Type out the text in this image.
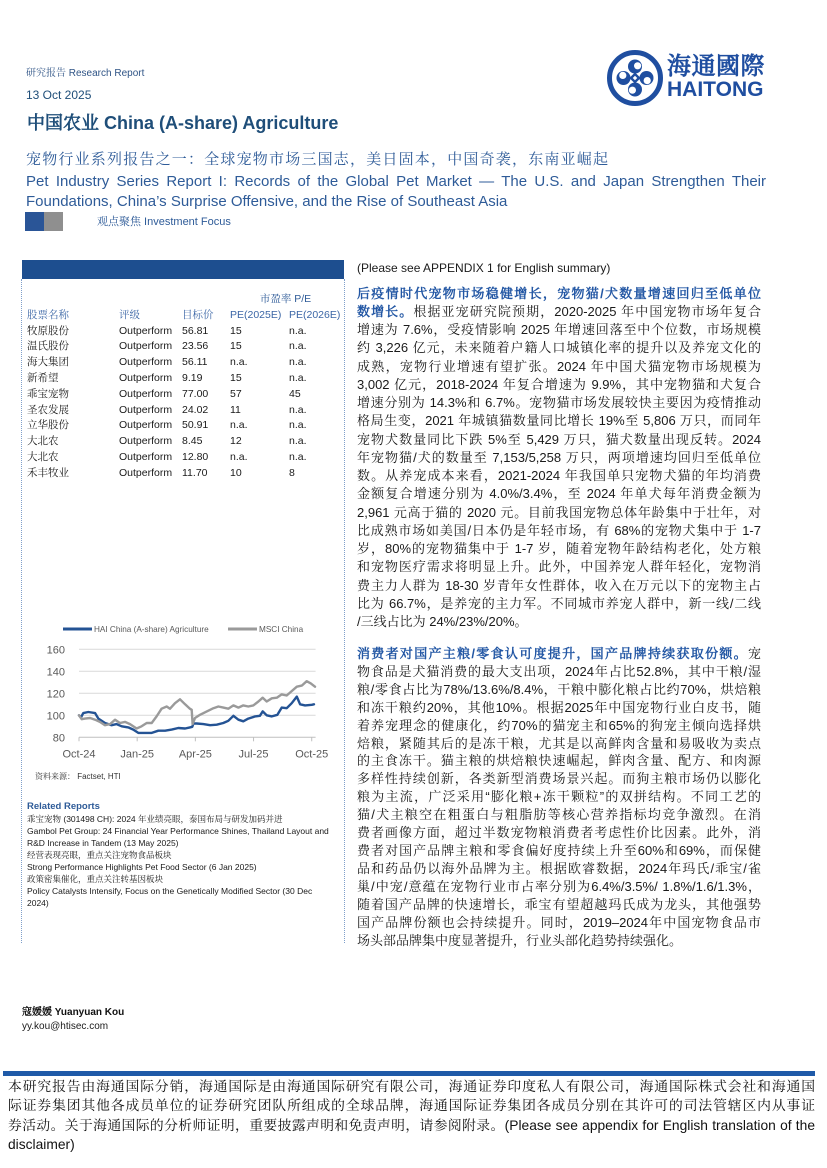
研究报告 Research Report
13 Oct 2025
中国农业 China (A-share) Agriculture
宠物行业系列报告之一：全球宠物市场三国志，美日固本，中国奇袭，东南亚崛起
Pet Industry Series Report I: Records of the Global Pet Market — The U.S. and Japan Strengthen Their Foundations, China’s Surprise Offensive, and the Rise of Southeast Asia
观点聚焦 Investment Focus
海通國際
HAITONG
			市盈率 P/E	
股票名称	评级	目标价	PE(2025E)	PE(2026E)
牧原股份	Outperform	56.81	15	n.a.
温氏股份	Outperform	23.56	15	n.a.
海大集团	Outperform	56.11	n.a.	n.a.
新希望	Outperform	9.19	15	n.a.
乖宝宠物	Outperform	77.00	57	45
圣农发展	Outperform	24.02	11	n.a.
立华股份	Outperform	50.91	n.a.	n.a.
大北农	Outperform	8.45	12	n.a.
大北农	Outperform	12.80	n.a.	n.a.
禾丰牧业	Outperform	11.70	10	8
80
100
120
140
160
Oct-24 Jan-25 Apr-25 Jul-25 Oct-25
HAI China (A-share) Agriculture	MSCI China
资料来源： Factset, HTI
Related Reports
乖宝宠物 (301498 CH): 2024 年业绩亮眼，泰国布局与研发加码并进
Gambol Pet Group: 24 Financial Year Performance Shines, Thailand Layout and R&D Increase in Tandem (13 May 2025)
经营表现亮眼，重点关注宠物食品板块
Strong Performance Highlights Pet Food Sector (6 Jan 2025)
政策密集催化，重点关注转基因板块
Policy Catalysts Intensify, Focus on the Genetically Modified Sector (30 Dec 2024)
寇媛媛 Yuanyuan Kou
yy.kou@htisec.com
(Please see APPENDIX 1 for English summary)
后疫情时代宠物市场稳健增长，宠物猫/犬数量增速回归至低单位
数增长。根据亚宠研究院预期，2020-2025 年中国宠物市场年复合
增速为 7.6%，受疫情影响 2025 年增速回落至中个位数，市场规模
约 3,226 亿元，未来随着户籍人口城镇化率的提升以及养宠文化的
成熟，宠物行业增速有望扩张。2024 年中国犬猫宠物市场规模为
3,002 亿元，2018-2024 年复合增速为 9.9%，其中宠物猫和犬复合
增速分别为 14.3%和 6.7%。宠物猫市场发展较快主要因为疫情推动
格局生变，2021 年城镇猫数量同比增长 19%至 5,806 万只，而同年
宠物犬数量同比下跌 5%至 5,429 万只，猫犬数量出现反转。2024
年宠物猫/犬的数量至 7,153/5,258 万只，两项增速均回归至低单位
数。从养宠成本来看，2021-2024 年我国单只宠物犬猫的年均消费
金额复合增速分别为 4.0%/3.4%，至 2024 年单犬每年消费金额为
2,961 元高于猫的 2020 元。目前我国宠物总体年龄集中于壮年，对
比成熟市场如美国/日本仍是年轻市场，有 68%的宠物犬集中于 1-7
岁，80%的宠物猫集中于 1-7 岁，随着宠物年龄结构老化，处方粮
和宠物医疗需求将明显上升。此外，中国养宠人群年轻化，宠物消
费主力人群为 18-30 岁青年女性群体，收入在万元以下的宠物主占
比为 66.7%，是养宠的主力军。不同城市养宠人群中，新一线/二线
/三线占比为 24%/23%/20%。
消费者对国产主粮/零食认可度提升，国产品牌持续获取份额。宠
物食品是犬猫消费的最大支出项，2024年占比52.8%，其中干粮/湿
粮/零食占比为78%/13.6%/8.4%，干粮中膨化粮占比约70%，烘焙粮
和冻干粮约20%，其他10%。根据2025年中国宠物行业白皮书，随
着养宠理念的健康化，约70%的猫宠主和65%的狗宠主倾向选择烘
焙粮，紧随其后的是冻干粮，尤其是以高鲜肉含量和易吸收为卖点
的主食冻干。猫主粮的烘焙粮快速崛起，鲜肉含量、配方、和肉源
多样性持续创新，各类新型消费场景兴起。而狗主粮市场仍以膨化
粮为主流，广泛采用“膨化粮+冻干颗粒”的双拼结构。不同工艺的
猫/犬主粮空在粗蛋白与粗脂肪等核心营养指标均竞争激烈。在消
费者画像方面，超过半数宠物粮消费者考虑性价比因素。此外，消
费者对国产品牌主粮和零食偏好度持续上升至60%和69%，而保健
品和药品仍以海外品牌为主。根据欧睿数据，2024年玛氏/乖宝/雀
巢/中宠/意蕴在宠物行业市占率分别为6.4%/3.5%/ 1.8%/1.6/1.3%，
随着国产品牌的快速增长，乖宝有望超越玛氏成为龙头，其他强势
国产品牌份额也会持续提升。同时，2019–2024年中国宠物食品市
场头部品牌集中度显著提升，行业头部化趋势持续强化。
本研究报告由海通国际分销，海通国际是由海通国际研究有限公司，海通证券印度私人有限公司，海通国际株式会社和海通国
际证券集团其他各成员单位的证券研究团队所组成的全球品牌，海通国际证券集团各成员分别在其许可的司法管辖区内从事证
券活动。关于海通国际的分析师证明，重要披露声明和免责声明，请参阅附录。(Please see appendix for English translation of the
disclaimer)
